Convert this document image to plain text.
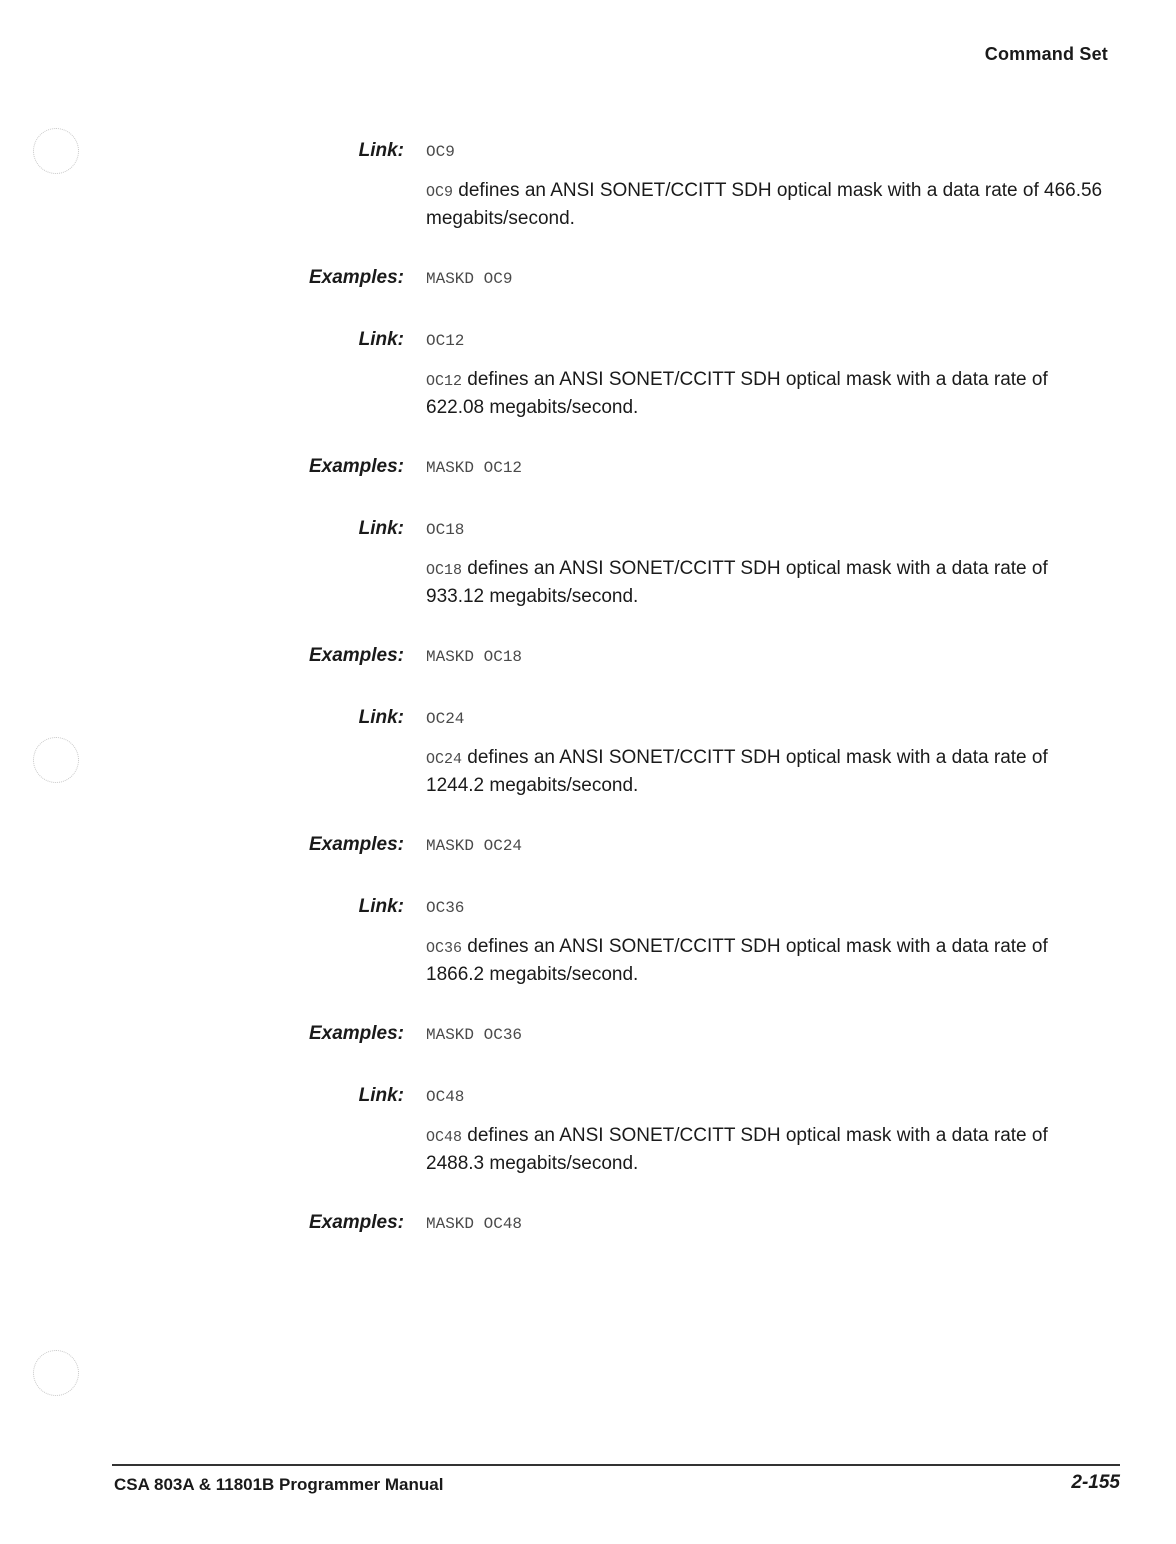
Command Set
Link: OC9
OC9 defines an ANSI SONET/CCITT SDH optical mask with a data rate of 466.56 megabits/second.
Examples: MASKD OC9
Link: OC12
OC12 defines an ANSI SONET/CCITT SDH optical mask with a data rate of 622.08 megabits/second.
Examples: MASKD OC12
Link: OC18
OC18 defines an ANSI SONET/CCITT SDH optical mask with a data rate of 933.12 megabits/second.
Examples: MASKD OC18
Link: OC24
OC24 defines an ANSI SONET/CCITT SDH optical mask with a data rate of 1244.2 megabits/second.
Examples: MASKD OC24
Link: OC36
OC36 defines an ANSI SONET/CCITT SDH optical mask with a data rate of 1866.2 megabits/second.
Examples: MASKD OC36
Link: OC48
OC48 defines an ANSI SONET/CCITT SDH optical mask with a data rate of 2488.3 megabits/second.
Examples: MASKD OC48
CSA 803A & 11801B Programmer Manual	2-155
